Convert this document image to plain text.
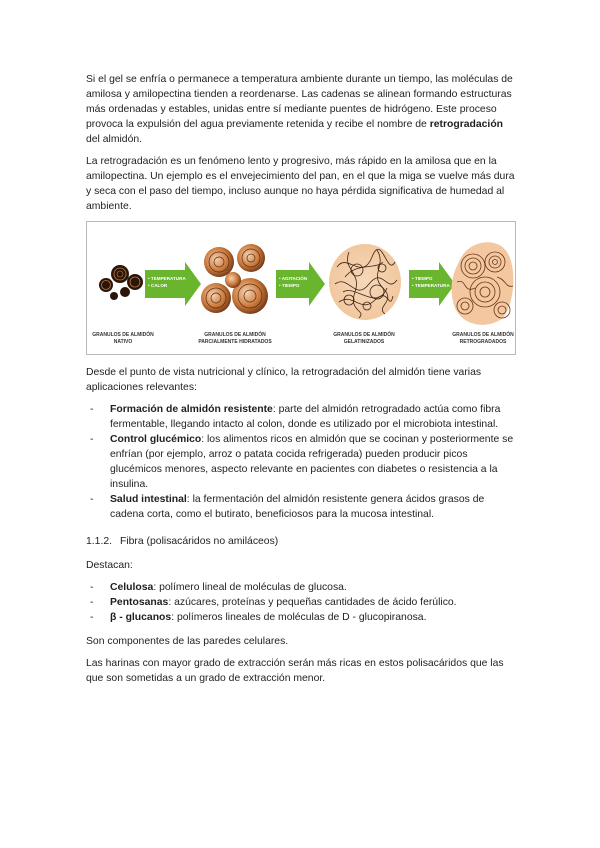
Si el gel se enfría o permanece a temperatura ambiente durante un tiempo, las moléculas de amilosa y amilopectina tienden a reordenarse. Las cadenas se alinean formando estructuras más ordenadas y estables, unidas entre sí mediante puentes de hidrógeno. Este proceso provoca la expulsión del agua previamente retenida y recibe el nombre de retrogradación del almidón.

La retrogradación es un fenómeno lento y progresivo, más rápido en la amilosa que en la amilopectina. Un ejemplo es el envejecimiento del pan, en el que la miga se vuelve más dura y seca con el paso del tiempo, incluso aunque no haya pérdida significativa de humedad al ambiente.

• TEMPERATURA
• CALOR
• AGITACIÓN
• TIEMPO
• TIEMPO
• TEMPERATURA
GRANULOS DE ALMIDÓN
NATIVO
GRANULOS DE ALMIDÓN
PARCIALMENTE HIDRATADOS
GRANULOS DE ALMIDÓN
GELATINIZADOS
GRANULOS DE ALMIDÓN
RETROGRADADOS

Desde el punto de vista nutricional y clínico, la retrogradación del almidón tiene varias aplicaciones relevantes:

- Formación de almidón resistente: parte del almidón retrogradado actúa como fibra fermentable, llegando intacto al colon, donde es utilizado por el microbiota intestinal.
- Control glucémico: los alimentos ricos en almidón que se cocinan y posteriormente se enfrían (por ejemplo, arroz o patata cocida refrigerada) pueden producir picos glucémicos menores, aspecto relevante en pacientes con diabetes o resistencia a la insulina.
- Salud intestinal: la fermentación del almidón resistente genera ácidos grasos de cadena corta, como el butirato, beneficiosos para la mucosa intestinal.
1.1.2. Fibra (polisacáridos no amiláceos)

Destacan:

- Celulosa: polímero lineal de moléculas de glucosa.
- Pentosanas: azúcares, proteínas y pequeñas cantidades de ácido ferúlico.
- β - glucanos: polímeros lineales de moléculas de D - glucopiranosa.

Son componentes de las paredes celulares.

Las harinas con mayor grado de extracción serán más ricas en estos polisacáridos que las que son sometidas a un grado de extracción menor.
